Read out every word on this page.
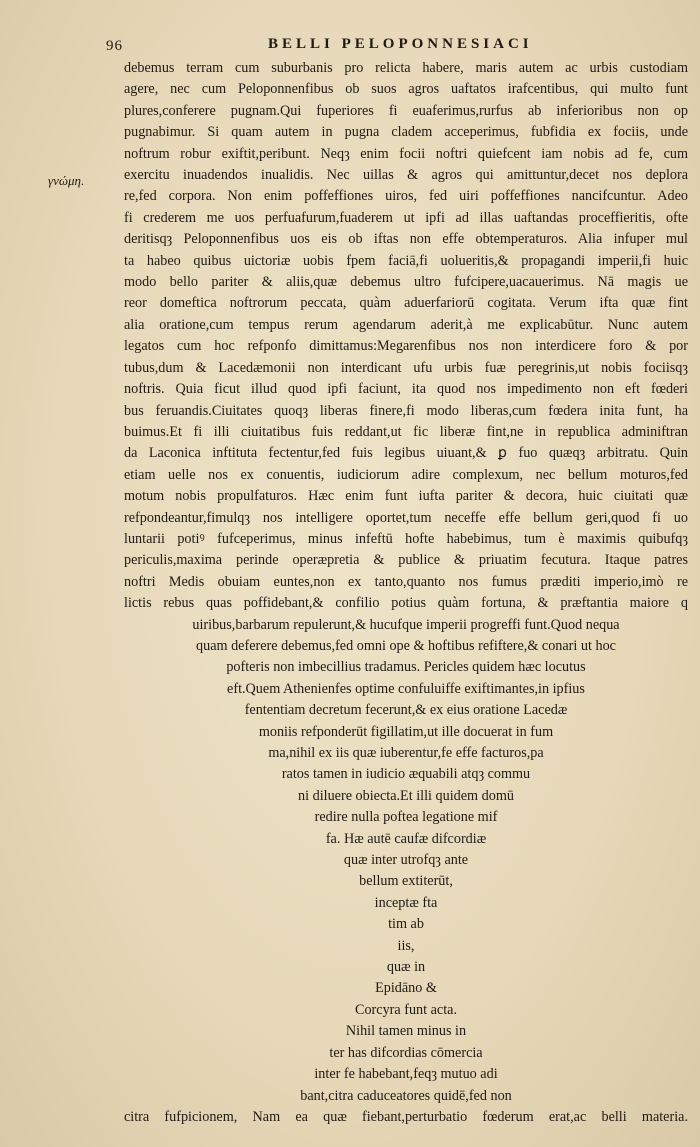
96	BELLI PELOPONNESIACI
γνώμη.
debemus terram cum suburbanis pro relicta habere, maris autem ac urbis custodiam
agere, nec cum Peloponnenfibus ob suos agros uaftatos irafcentibus, qui multo funt
plures,conferere pugnam.Qui fuperiores fi euaferimus,rurfus ab inferioribus non op
pugnabimur. Si quam autem in pugna cladem acceperimus, fubfidia ex fociis, unde
noftrum robur exiftit,peribunt. Neqȝ enim focii noftri quiefcent iam nobis ad fe, cum
exercitu inuadendos inualidis. Nec uillas & agros qui amittuntur,decet nos deplora
re,fed corpora. Non enim poffeffiones uiros, fed uiri poffeffiones nancifcuntur. Adeo
fi crederem me uos perfuafurum,fuaderem ut ipfi ad illas uaftandas proceffieritis, ofte
deritisqȝ Peloponnenfibus uos eis ob iftas non effe obtemperaturos. Alia infuper mul
ta habeo quibus uictoriæ uobis fpem faciā,fi uolueritis,& propagandi imperii,fi huic
modo bello pariter & aliis,quæ debemus ultro fufcipere,uacauerimus. Nā magis ue
reor domeftica noftrorum peccata, quàm aduerfariorū cogitata. Verum ifta quæ fint
alia oratione,cum tempus rerum agendarum aderit,à me explicabūtur. Nunc autem
legatos cum hoc refponfo dimittamus:Megarenfibus nos non interdicere foro & por
tubus,dum & Lacedæmonii non interdicant ufu urbis fuæ peregrinis,ut nobis fociisqȝ
noftris. Quia ficut illud quod ipfi faciunt, ita quod nos impedimento non eft fœderi
bus feruandis.Ciuitates quoqȝ liberas finere,fi modo liberas,cum fœdera inita funt, ha
buimus.Et fi illi ciuitatibus fuis reddant,ut fic liberæ fint,ne in republica adminiftran
da Laconica inftituta fectentur,fed fuis legibus uiuant,& ꝑ fuo quæqȝ arbitratu. Quin
etiam uelle nos ex conuentis, iudiciorum adire complexum, nec bellum moturos,fed
motum nobis propulfaturos. Hæc enim funt iufta pariter & decora, huic ciuitati quæ
refpondeantur,fimulqȝ nos intelligere oportet,tum neceffe effe bellum geri,quod fi uo
luntarii potiꝰ fufceperimus, minus infeftū hofte habebimus, tum è maximis quibufqȝ
periculis,maxima perinde operæpretia & publice & priuatim fecutura. Itaque patres
noftri Medis obuiam euntes,non ex tanto,quanto nos fumus præditi imperio,imò re
lictis rebus quas poffidebant,& confilio potius quàm fortuna, & præftantia maiore q
uiribus,barbarum repulerunt,& hucufque imperii progreffi funt.Quod nequa
quam deferere debemus,fed omni ope & hoftibus refiftere,& conari ut hoc
pofteris non imbecillius tradamus. Pericles quidem hæc locutus
eft.Quem Athenienfes optime confuluiffe exiftimantes,in ipfius
fententiam decretum fecerunt,& ex eius oratione Lacedæ
moniis refponderūt figillatim,ut ille docuerat in fum
ma,nihil ex iis quæ iuberentur,fe effe facturos,pa
ratos tamen in iudicio æquabili atqȝ commu
ni diluere obiecta.Et illi quidem domū
redire nulla poftea legatione mif
fa. Hæ autē caufæ difcordiæ
quæ inter utrofqȝ ante
bellum extiterūt,
inceptæ fta
tim ab
iis,
quæ in
Epidāno &
Corcyra funt acta.
Nihil tamen minus in
ter has difcordias cōmercia
inter fe habebant,feqȝ mutuo adi
bant,citra caduceatores quidē,fed non
citra fufpicionem, Nam ea quæ fiebant,perturbatio fœderum erat,ac belli materia.
